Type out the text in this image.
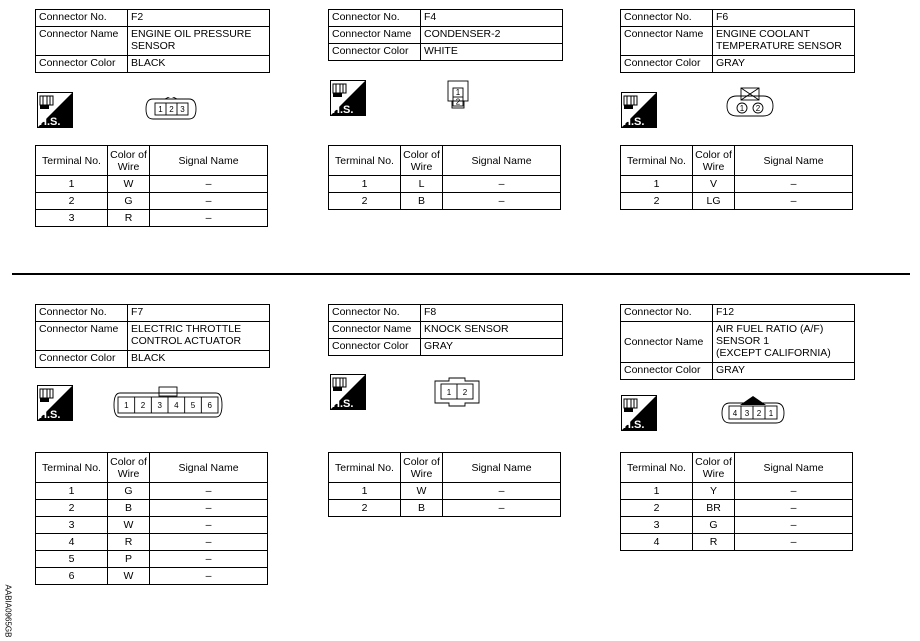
AABIA0965GB
Connector No.	F2
Connector Name	ENGINE OIL PRESSURE
SENSOR

Connector Color	BLACK
H.S.
1 2 3
Terminal No.	Color of
Wire	Signal Name
1	W	–
2	G	–
3	R	–
Connector No.	F4
Connector Name	CONDENSER-2

Connector Color	WHITE
H.S.
1
2
Terminal No.	Color of
Wire	Signal Name
1	L	–
2	B	–
Connector No.	F6
Connector Name	ENGINE COOLANT
TEMPERATURE SENSOR

Connector Color	GRAY
H.S.
1 2
Terminal No.	Color of
Wire	Signal Name
1	V	–
2	LG	–
Connector No.	F7
Connector Name	ELECTRIC THROTTLE
CONTROL ACTUATOR

Connector Color	BLACK
H.S.
1 2 3 4 5 6
Terminal No.	Color of
Wire	Signal Name
1	G	–
2	B	–
3	W	–
4	R	–
5	P	–
6	W	–
Connector No.	F8
Connector Name	KNOCK SENSOR

Connector Color	GRAY
H.S.
1 2
Terminal No.	Color of
Wire	Signal Name
1	W	–
2	B	–
Connector No.	F12
Connector Name	AIR FUEL RATIO (A/F)
SENSOR 1
(EXCEPT CALIFORNIA)

Connector Color	GRAY
H.S.
4 3 2 1
Terminal No.	Color of
Wire	Signal Name
1	Y	–
2	BR	–
3	G	–
4	R	–
